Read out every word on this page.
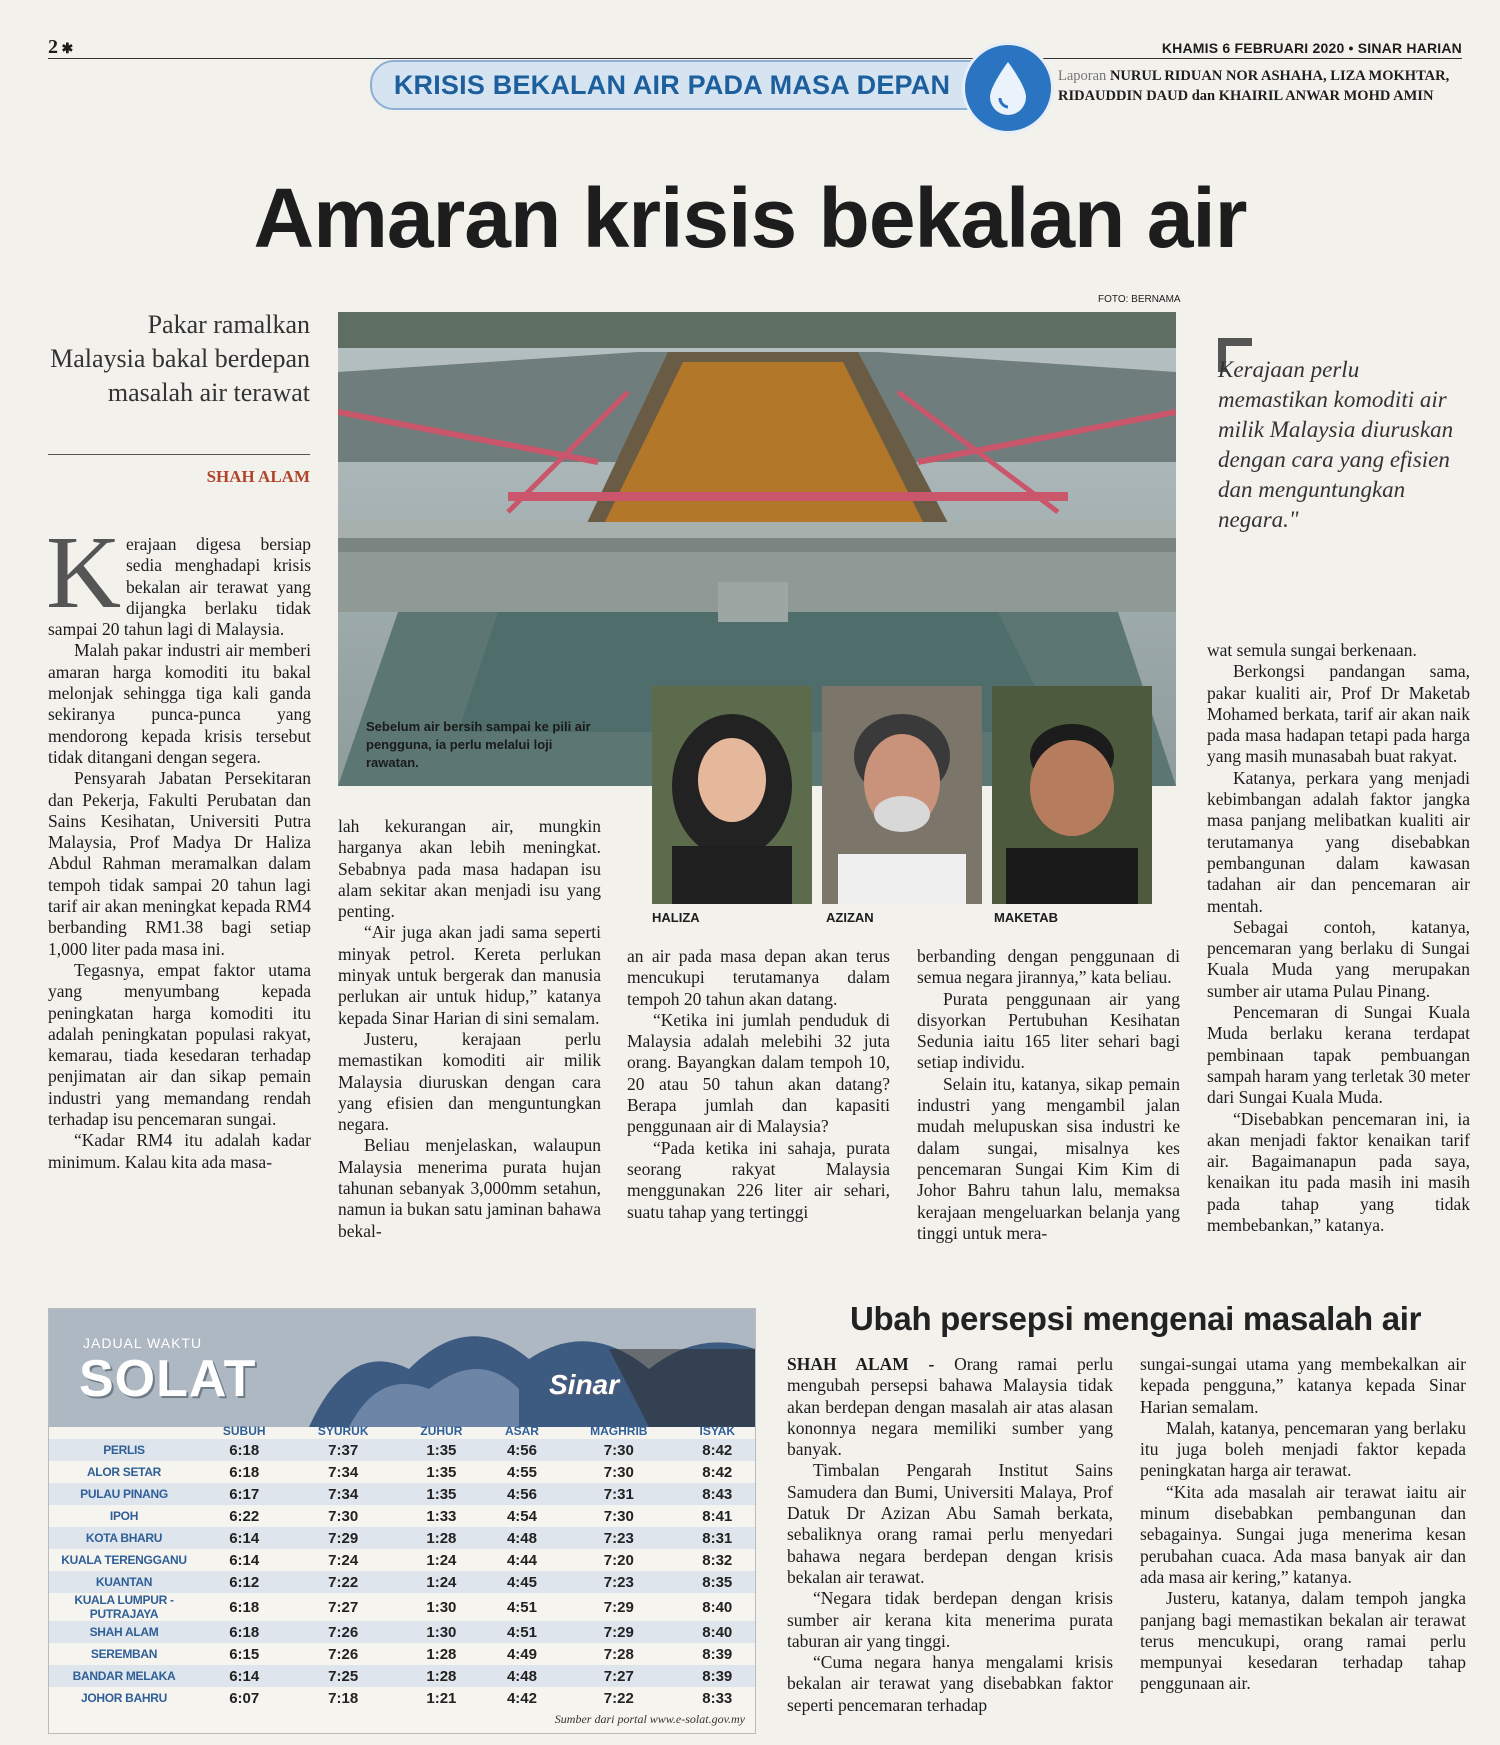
2 ✱	KHAMIS 6 FEBRUARI 2020 • SINAR HARIAN
KRISIS BEKALAN AIR PADA MASA DEPAN	Laporan NURUL RIDUAN NOR ASHAHA, LIZA MOKHTAR, RIDAUDDIN DAUD dan KHAIRIL ANWAR MOHD AMIN
Amaran krisis bekalan air
FOTO: BERNAMA
Pakar ramalkan Malaysia bakal berdepan masalah air terawat
SHAH ALAM
Sebelum air bersih sampai ke pili air pengguna, ia perlu melalui loji rawatan.
HALIZA	AZIZAN	MAKETAB
Kerajaan perlu memastikan komoditi air milik Malaysia diuruskan dengan cara yang efisien dan menguntungkan negara."
K erajaan digesa bersiap sedia menghadapi krisis bekalan air terawat yang dijangka berlaku tidak sampai 20 tahun lagi di Malaysia.

Malah pakar industri air memberi amaran harga komoditi itu bakal melonjak sehingga tiga kali ganda sekiranya punca-punca yang mendorong kepada krisis tersebut tidak ditangani dengan segera.

Pensyarah Jabatan Persekitaran dan Pekerja, Fakulti Perubatan dan Sains Kesihatan, Universiti Putra Malaysia, Prof Madya Dr Haliza Abdul Rahman meramalkan dalam tempoh tidak sampai 20 tahun lagi tarif air akan meningkat kepada RM4 berbanding RM1.38 bagi setiap 1,000 liter pada masa ini.

Tegasnya, empat faktor utama yang menyumbang kepada peningkatan harga komoditi itu adalah peningkatan populasi rakyat, kemarau, tiada kesedaran terhadap penjimatan air dan sikap pemain industri yang memandang rendah terhadap isu pencemaran sungai.

“Kadar RM4 itu adalah kadar minimum. Kalau kita ada masa-

lah kekurangan air, mungkin harganya akan lebih meningkat. Sebabnya pada masa hadapan isu alam sekitar akan menjadi isu yang penting.

“Air juga akan jadi sama seperti minyak petrol. Kereta perlukan minyak untuk bergerak dan manusia perlukan air untuk hidup,” katanya kepada Sinar Harian di sini semalam.

Justeru, kerajaan perlu memastikan komoditi air milik Malaysia diuruskan dengan cara yang efisien dan menguntungkan negara.

Beliau menjelaskan, walaupun Malaysia menerima purata hujan tahunan sebanyak 3,000mm setahun, namun ia bukan satu jaminan bahawa bekal-

an air pada masa depan akan terus mencukupi terutamanya dalam tempoh 20 tahun akan datang.

“Ketika ini jumlah penduduk di Malaysia adalah melebihi 32 juta orang. Bayangkan dalam tempoh 10, 20 atau 50 tahun akan datang? Berapa jumlah dan kapasiti penggunaan air di Malaysia?

“Pada ketika ini sahaja, purata seorang rakyat Malaysia menggunakan 226 liter air sehari, suatu tahap yang tertinggi

berbanding dengan penggunaan di semua negara jirannya,” kata beliau.

Purata penggunaan air yang disyorkan Pertubuhan Kesihatan Sedunia iaitu 165 liter sehari bagi setiap individu.

Selain itu, katanya, sikap pemain industri yang mengambil jalan mudah melupuskan sisa industri ke dalam sungai, misalnya kes pencemaran Sungai Kim Kim di Johor Bahru tahun lalu, memaksa kerajaan mengeluarkan belanja yang tinggi untuk mera-

wat semula sungai berkenaan.

Berkongsi pandangan sama, pakar kualiti air, Prof Dr Maketab Mohamed berkata, tarif air akan naik pada masa hadapan tetapi pada harga yang masih munasabah buat rakyat.

Katanya, perkara yang menjadi kebimbangan adalah faktor jangka masa panjang melibatkan kualiti air terutamanya yang disebabkan pembangunan dalam kawasan tadahan air dan pencemaran air mentah.

Sebagai contoh, katanya, pencemaran yang berlaku di Sungai Kuala Muda yang merupakan sumber air utama Pulau Pinang.

Pencemaran di Sungai Kuala Muda berlaku kerana terdapat pembinaan tapak pembuangan sampah haram yang terletak 30 meter dari Sungai Kuala Muda.

“Disebabkan pencemaran ini, ia akan menjadi faktor kenaikan tarif air. Bagaimanapun pada saya, kenaikan itu pada masih ini masih pada tahap yang tidak membebankan,” katanya.

JADUAL WAKTU
SOLAT	Sinar
	SUBUH	SYURUK	ZUHUR	ASAR	MAGHRIB	ISYAK
PERLIS	6:18	7:37	1:35	4:56	7:30	8:42
ALOR SETAR	6:18	7:34	1:35	4:55	7:30	8:42
PULAU PINANG	6:17	7:34	1:35	4:56	7:31	8:43
IPOH	6:22	7:30	1:33	4:54	7:30	8:41
KOTA BHARU	6:14	7:29	1:28	4:48	7:23	8:31
KUALA TERENGGANU	6:14	7:24	1:24	4:44	7:20	8:32
KUANTAN	6:12	7:22	1:24	4:45	7:23	8:35
KUALA LUMPUR - PUTRAJAYA	6:18	7:27	1:30	4:51	7:29	8:40
SHAH ALAM	6:18	7:26	1:30	4:51	7:29	8:40
SEREMBAN	6:15	7:26	1:28	4:49	7:28	8:39
BANDAR MELAKA	6:14	7:25	1:28	4:48	7:27	8:39
JOHOR BAHRU	6:07	7:18	1:21	4:42	7:22	8:33
Sumber dari portal www.e-solat.gov.my
Ubah persepsi mengenai masalah air

SHAH ALAM - Orang ramai perlu mengubah persepsi bahawa Malaysia tidak akan berdepan dengan masalah air atas alasan kononnya negara memiliki sumber yang banyak.

Timbalan Pengarah Institut Sains Samudera dan Bumi, Universiti Malaya, Prof Datuk Dr Azizan Abu Samah berkata, sebaliknya orang ramai perlu menyedari bahawa negara berdepan dengan krisis bekalan air terawat.

“Negara tidak berdepan dengan krisis sumber air kerana kita menerima purata taburan air yang tinggi.

“Cuma negara hanya mengalami krisis bekalan air terawat yang disebabkan faktor seperti pencemaran terhadap

sungai-sungai utama yang membekalkan air kepada pengguna,” katanya kepada Sinar Harian semalam.

Malah, katanya, pencemaran yang berlaku itu juga boleh menjadi faktor kepada peningkatan harga air terawat.

“Kita ada masalah air terawat iaitu air minum disebabkan pembangunan dan sebagainya. Sungai juga menerima kesan perubahan cuaca. Ada masa banyak air dan ada masa air kering,” katanya.

Justeru, katanya, dalam tempoh jangka panjang bagi memastikan bekalan air terawat terus mencukupi, orang ramai perlu mempunyai kesedaran terhadap tahap penggunaan air.
